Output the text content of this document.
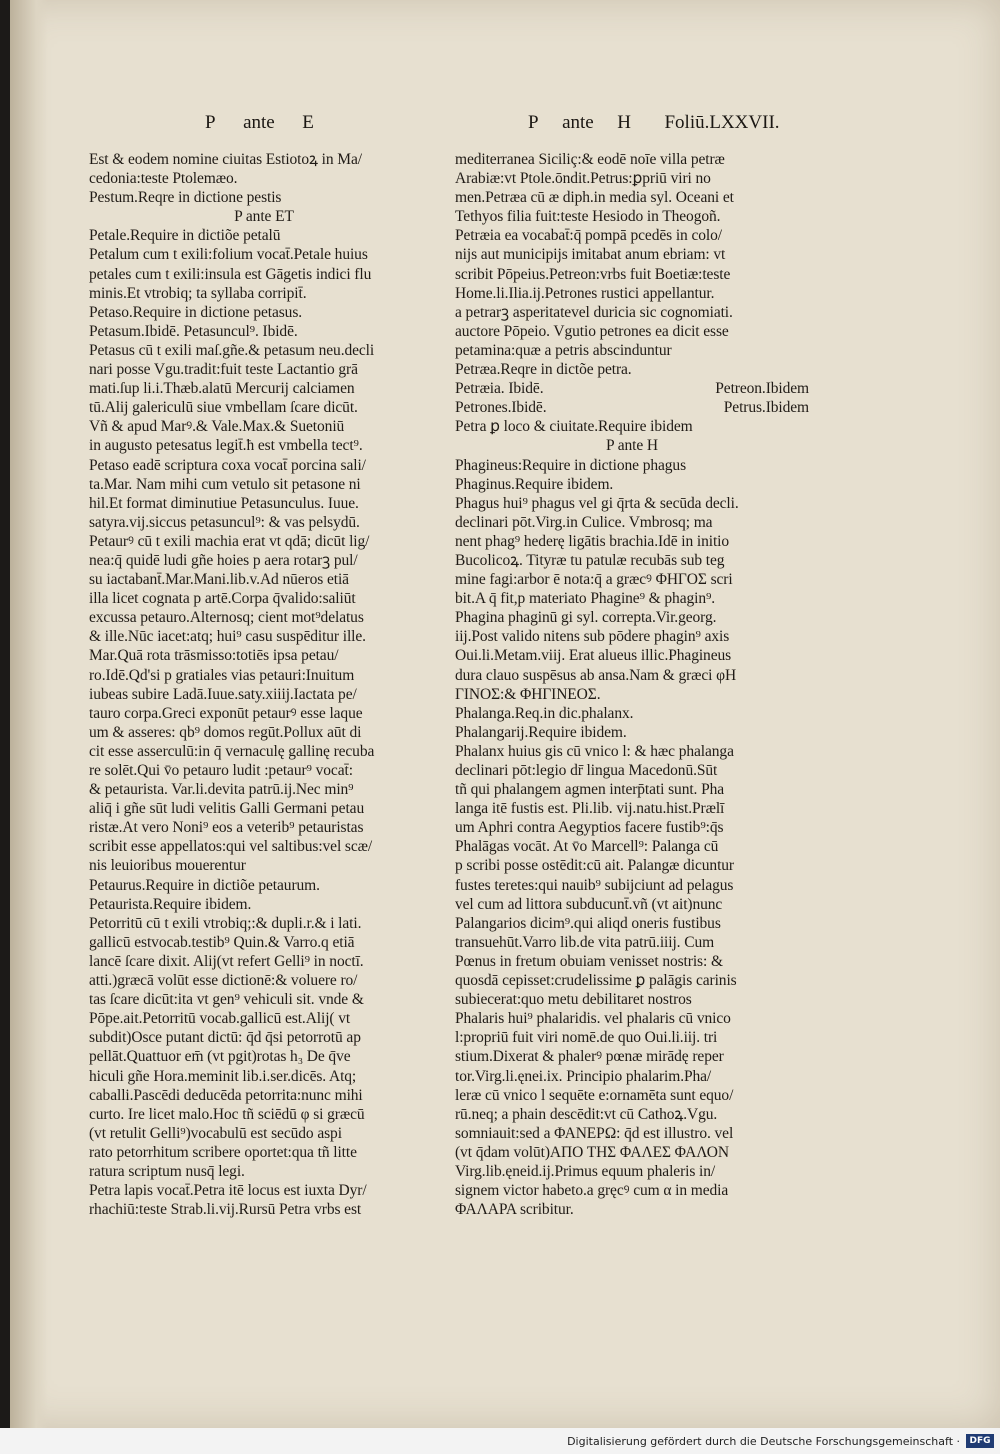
P ante E	P ante H Foliū.LXXVII.
Est & eodem nomine ciuitas Estiotoꝝ in Ma/
cedonia:teste Ptolemæo.
Pestum.Reqre in dictione pestis
P ante ET
Petale.Require in dictiõe petalū
Petalum cum t exili:folium vocat̄.Petale huius
petales cum t exili:insula est Gāgetis indici flu
minis.Et vtrobiq; ta syllaba corripit̄.
Petaso.Require in dictione petasus.
Petasum.Ibidē. Petasuncul⁹. Ibidē.
Petasus cū t exili maſ.gñe.& petasum neu.decli
nari posse Vgu.tradit:fuit teste Lactantio grā
mati.ſup li.i.Thæb.alatū Mercurij calciamen
tū.Alij galericulū siue vmbellam ſcare dicūt.
Vñ & apud Marꝰ.& Vale.Max.& Suetoniū
in augusto petesatus legit̄.ħ est vmbella tect⁹.
Petaso eadē scriptura coxa vocat̄ porcina sali/
ta.Mar. Nam mihi cum vetulo sit petasone ni
hil.Et format diminutiue Petasunculus. Iuue.
satyra.vij.siccus petasuncul⁹: & vas pelsydū.
Petaurꝰ cū t exili machia erat vt qdā; dicūt lig/
nea:q̄ quidē ludi gñe hoies p aera rotarꝫ pul/
su iactabant̄.Mar.Mani.lib.v.Ad nūeros etiā
illa licet cognata p artē.Corpa q̄valido:saliūt
excussa petauro.Alternosq; cient mot⁹delatus
& ille.Nūc iacet:atq; hui⁹ casu suspēditur ille.
Mar.Quā rota trāsmisso:totiēs ipsa petau/
ro.Idē.Qd'si p gratiales vias petauri:Inuitum
iubeas subire Ladā.Iuue.saty.xiiij.Iactata pe/
tauro corpa.Greci exponūt petaurꝰ esse laque
um & asseres: qb⁹ domos regūt.Pollux aūt di
cit esse asserculū:in q̄ vernaculę gallinę recuba
re solēt.Qui v̄o petauro ludit :petaur⁹ vocat̄:
& petaurista. Var.li.devita patrū.ij.Nec min⁹
aliq̄ i gñe sūt ludi velitis Galli Germani petau
ristæ.At vero Noni⁹ eos a veterib⁹ petauristas
scribit esse appellatos:qui vel saltibus:vel scæ/
nis leuioribus mouerentur
Petaurus.Require in dictiõe petaurum.
Petaurista.Require ibidem.
Petorritū cū t exili vtrobiq;:& dupli.r.& i lati.
gallicū estvocab.testib⁹ Quin.& Varro.q etiā
lancē ſcare dixit. Alij(vt refert Gelli⁹ in noctī.
atti.)græcā volūt esse dictionē:& voluere ro/
tas ſcare dicūt:ita vt gen⁹ vehiculi sit. vnde &
Pōpe.ait.Petorritū vocab.gallicū est.Alij( vt
subdit)Osce putant dictū: q̄d q̄si petorrotū ap
pellāt.Quattuor em̄ (vt pgit)rotas h₃ De q̄ve
hiculi gñe Hora.meminit lib.i.ser.dicēs. Atq;
caballi.Pascēdi deducēda petorrita:nunc mihi
curto. Ire licet malo.Hoc tñ sciēdū φ si græcū
(vt retulit Gelli⁹)vocabulū est secūdo aspi
rato petorrhitum scribere oportet:qua tñ litte
ratura scriptum nusq̄ legi.
Petra lapis vocat̄.Petra itē locus est iuxta Dyr/
rhachiū:teste Strab.li.vij.Rursū Petra vrbs est
mediterranea Siciliç:& eodē noīe villa petræ
Arabiæ:vt Ptole.ōndit.Petrus:ꝑpriū viri no
men.Petræa cū æ diph.in media syl. Oceani et
Tethyos filia fuit:teste Hesiodo in Theogoñ.
Petræia ea vocabat̄:q̄ pompā pcedēs in colo/
nijs aut municipijs imitabat anum ebriam: vt
scribit Pōpeius.Petreon:vrbs fuit Boetiæ:teste
Home.li.Ilia.ij.Petrones rustici appellantur.
a petrarꝫ asperitatevel duricia sic cognomiati.
auctore Pōpeio. Vgutio petrones ea dicit esse
petamina:quæ a petris abscinduntur
Petræa.Reqre in dictõe petra.
Petræia. Ibidē.	Petreon.Ibidem
Petrones.Ibidē.	Petrus.Ibidem
Petra ꝑ loco & ciuitate.Require ibidem
P ante H
Phagineus:Require in dictione phagus
Phaginus.Require ibidem.
Phagus hui⁹ phagus vel gi q̄rta & secūda decli.
declinari pōt.Virg.in Culice. Vmbrosq; ma
nent phag⁹ hederę ligātis brachia.Idē in initio
Bucolicoꝝ. Tityræ tu patulæ recubās sub teg
mine fagi:arbor ē nota:q̄ a græcꝰ ΦΗΓΟΣ scri
bit.A q̄ fit,p materiato Phagine⁹ & phagin⁹.
Phagina phaginū gi syl. correpta.Vir.georg.
iij.Post valido nitens sub pōdere phagin⁹ axis
Oui.li.Metam.viij. Erat alueus illic.Phagineus
dura clauo suspēsus ab ansa.Nam & græci φΗ
ΓΙΝΟΣ:& ΦΗΓΙΝΕΟΣ.
Phalanga.Req.in dic.phalanx.
Phalangarij.Require ibidem.
Phalanx huius gis cū vnico l: & hæc phalanga
declinari pōt:legio dr̄ lingua Macedonū.Sūt
tñ qui phalangem agmen interp̄tati sunt. Pha
langa itē fustis est. Pli.lib. vij.natu.hist.Prælī
um Aphri contra Aegyptios facere fustib⁹:q̄s
Phalāgas vocāt. At v̄o Marcell⁹: Palanga cū
p scribi posse ostēdit:cū ait. Palangæ dicuntur
fustes teretes:qui nauib⁹ subijciunt ad pelagus
vel cum ad littora subducunt̄.vñ (vt ait)nunc
Palangarios dicim⁹.qui aliqd oneris fustibus
transuehūt.Varro lib.de vita patrū.iiij. Cum
Pœnus in fretum obuiam venisset nostris: &
quosdā cepisset:crudelissime ꝑ palāgis carinis
subiecerat:quo metu debilitaret nostros
Phalaris hui⁹ phalaridis. vel phalaris cū vnico
l:propriū fuit viri nomē.de quo Oui.li.iij. tri
stium.Dixerat & phalerꝰ pœnæ mirādę reper
tor.Virg.li.ęnei.ix. Principio phalarim.Pha/
leræ cū vnico l sequēte e:ornamēta sunt equo/
rū.neq; a phain descēdit:vt cū Cathoꝝ.Vgu.
somniauit:sed a ΦΑΝΕΡΩ: q̄d est illustro. vel
(vt q̄dam volūt)ΑΠΟ ΤΗΣ ΦΑΛΕΣ ΦΑΛΟΝ
Virg.lib.ęneid.ij.Primus equum phaleris in/
signem victor habeto.a gręcꝰ cum α in media
ΦΑΛΑΡΑ scribitur.
Digitalisierung gefördert durch die Deutsche Forschungsgemeinschaft ·	DFG
